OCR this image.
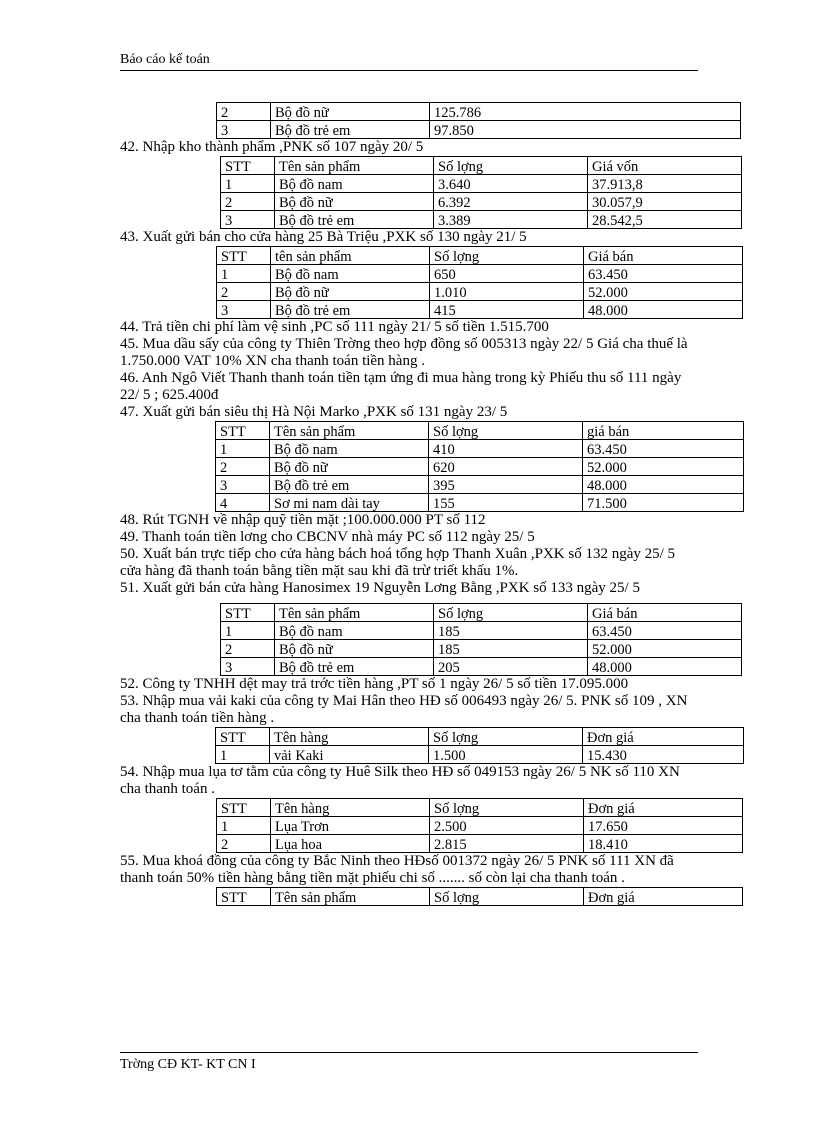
Báo cáo kế toán
2	Bộ đồ nữ	125.786
3	Bộ đồ trẻ em	97.850

42. Nhập kho thành phẩm ,PNK số 107 ngày 20/ 5

STT	Tên sản phẩm	Số lợng	Giá vốn
1	Bộ đồ nam	3.640	37.913,8
2	Bộ đồ nữ	6.392	30.057,9
3	Bộ đồ trẻ em	3.389	28.542,5

43. Xuất gửi bán cho cửa hàng 25 Bà Triệu ,PXK số 130 ngày 21/ 5

STT	tên sản phẩm	Số lợng	Giá bán
1	Bộ đồ nam	650	63.450
2	Bộ đồ nữ	1.010	52.000
3	Bộ đồ trẻ em	415	48.000

44. Trả tiền chi phí làm vệ sinh ,PC số 111 ngày 21/ 5 số tiền 1.515.700

45. Mua dầu sấy của công ty Thiên Trờng theo hợp đồng số 005313 ngày 22/ 5 Giá cha thuế là 1.750.000 VAT 10% XN cha thanh toán tiền hàng .

46. Anh Ngô Viết Thanh thanh toán tiền tạm ứng đi mua hàng trong kỳ Phiếu thu số 111 ngày 22/ 5 ; 625.400đ

47. Xuất gửi bán siêu thị Hà Nội Marko ,PXK số 131 ngày 23/ 5

STT	Tên sản phẩm	Số lợng	giá bán
1	Bộ đồ nam	410	63.450
2	Bộ đồ nữ	620	52.000
3	Bộ đồ trẻ em	395	48.000
4	Sơ mi nam dài tay	155	71.500

48. Rút TGNH về nhập quỹ tiền mặt ;100.000.000 PT số 112

49. Thanh toán tiền lơng cho CBCNV nhà máy PC số 112 ngày 25/ 5

50. Xuất bán trực tiếp cho cửa hàng bách hoá tổng hợp Thanh Xuân ,PXK số 132 ngày 25/ 5 cửa hàng đã thanh toán bằng tiền mặt sau khi đã trừ triết khấu 1%.

51. Xuất gửi bán cửa hàng Hanosimex 19 Nguyễn Lơng Bằng ,PXK số 133 ngày 25/ 5

STT	Tên sản phẩm	Số lợng	Giá bán
1	Bộ đồ nam	185	63.450
2	Bộ đồ nữ	185	52.000
3	Bộ đồ trẻ em	205	48.000

52. Công ty TNHH dệt may trả trớc tiền hàng ,PT số 1 ngày 26/ 5 số tiền 17.095.000

53. Nhập mua vải kaki của công ty Mai Hân theo HĐ số 006493 ngày 26/ 5. PNK số 109 , XN cha thanh toán tiền hàng .

STT	Tên hàng	Số lợng	Đơn giá
1	vải Kaki	1.500	15.430

54. Nhập mua lụa tơ tằm của công ty Huê Silk theo HĐ số 049153 ngày 26/ 5 NK số 110 XN cha thanh toán .

STT	Tên hàng	Số lợng	Đơn giá
1	Lụa Trơn	2.500	17.650
2	Lụa hoa	2.815	18.410

55. Mua khoá đồng của công ty Bắc Ninh theo HĐsố 001372 ngày 26/ 5 PNK số 111 XN đã thanh toán 50% tiền hàng bằng tiền mặt phiếu chi số ....... số còn lại cha thanh toán .

STT	Tên sản phẩm	Số lợng	Đơn giá
Trờng CĐ KT- KT CN I
